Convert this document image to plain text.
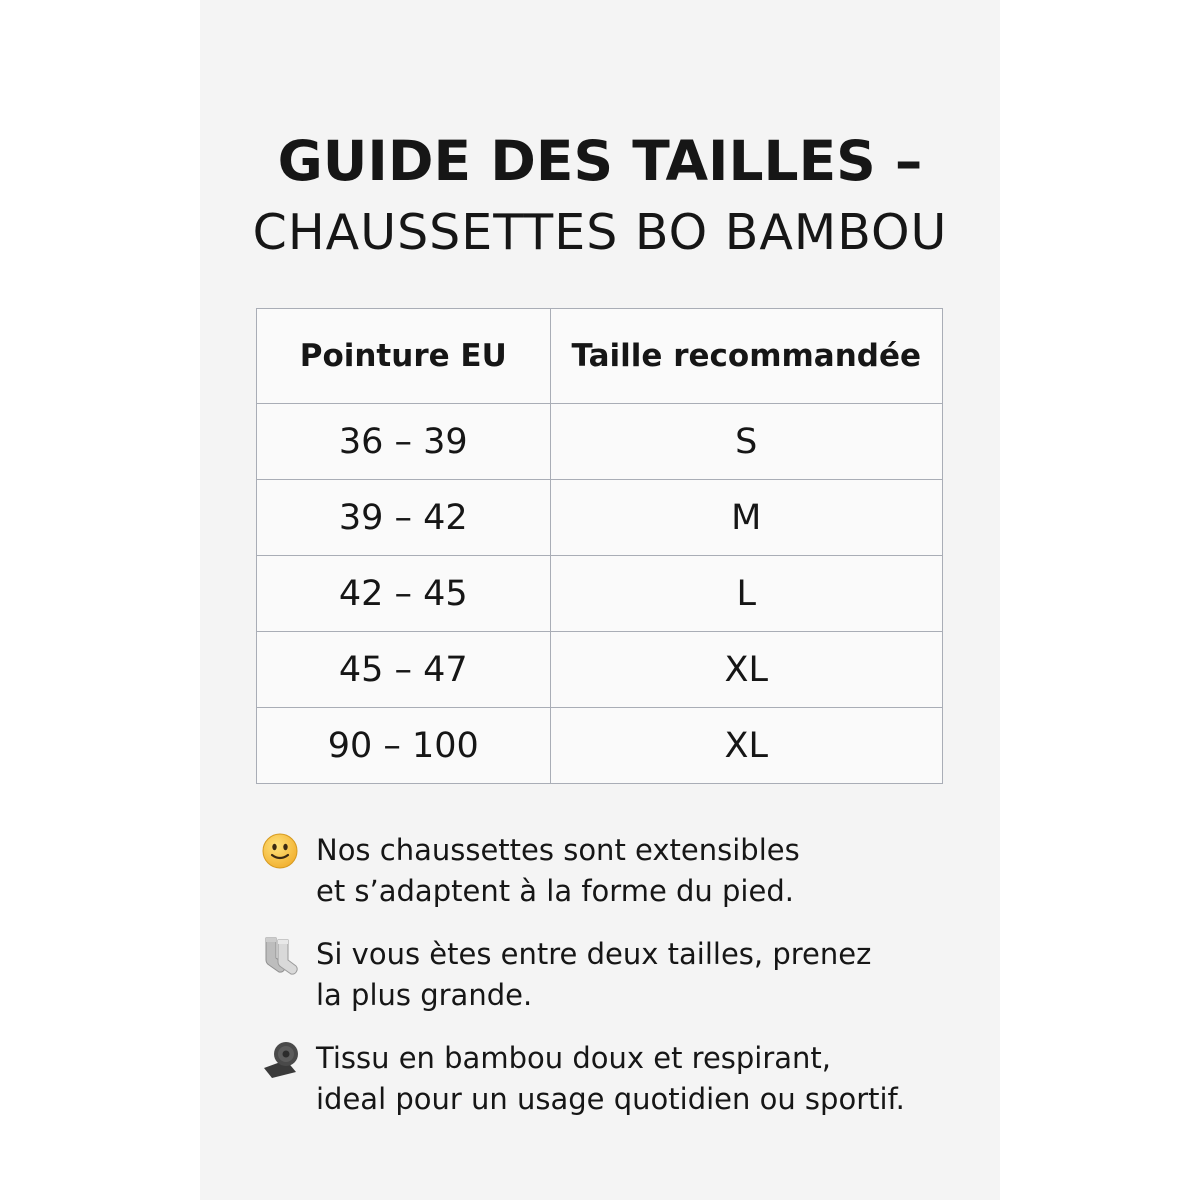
GUIDE DES TAILLES –
CHAUSSETTES BO BAMBOU
Pointure EU	Taille recommandée
36 – 39	S
39 – 42	M
42 – 45	L
45 – 47	XL
90 – 100	XL
Nos chaussettes sont extensibles
et s’adaptent à la forme du pied.
Si vous ètes entre deux tailles, prenez
la plus grande.
Tissu en bambou doux et respirant,
ideal pour un usage quotidien ou sportif.
